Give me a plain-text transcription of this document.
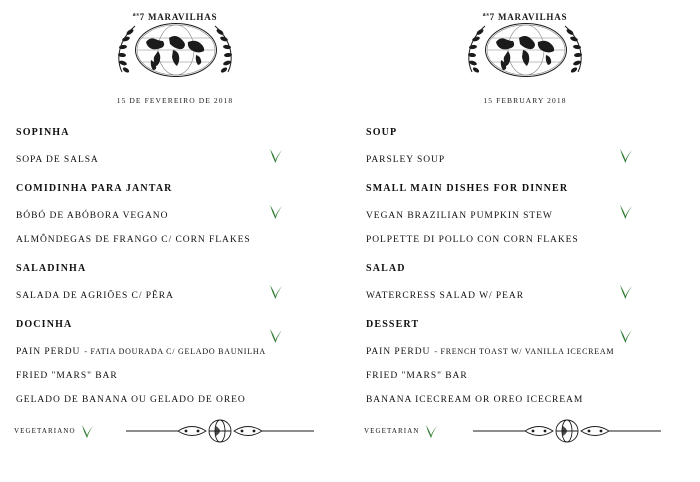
$^{as}$7 MARAVILHAS
15 DE FEVEREIRO DE 2018
SOPINHA
SOPA DE SALSA
COMIDINHA PARA JANTAR
BÓBÓ DE ABÓBORA VEGANO
ALMÔNDEGAS DE FRANGO C/ CORN FLAKES
SALADINHA
SALADA DE AGRIÕES C/ PÊRA
DOCINHA
PAIN PERDU - FATIA DOURADA C/ GELADO BAUNILHA
FRIED "MARS" BAR
GELADO DE BANANA OU GELADO DE OREO
VEGETARIANO
$^{as}$7 MARAVILHAS
15 FEBRUARY 2018
SOUP
PARSLEY SOUP
SMALL MAIN DISHES FOR DINNER
VEGAN BRAZILIAN PUMPKIN STEW
POLPETTE DI POLLO CON CORN FLAKES
SALAD
WATERCRESS SALAD W/ PEAR
DESSERT
PAIN PERDU - FRENCH TOAST W/ VANILLA ICECREAM
FRIED "MARS" BAR
BANANA ICECREAM OR OREO ICECREAM
VEGETARIAN
